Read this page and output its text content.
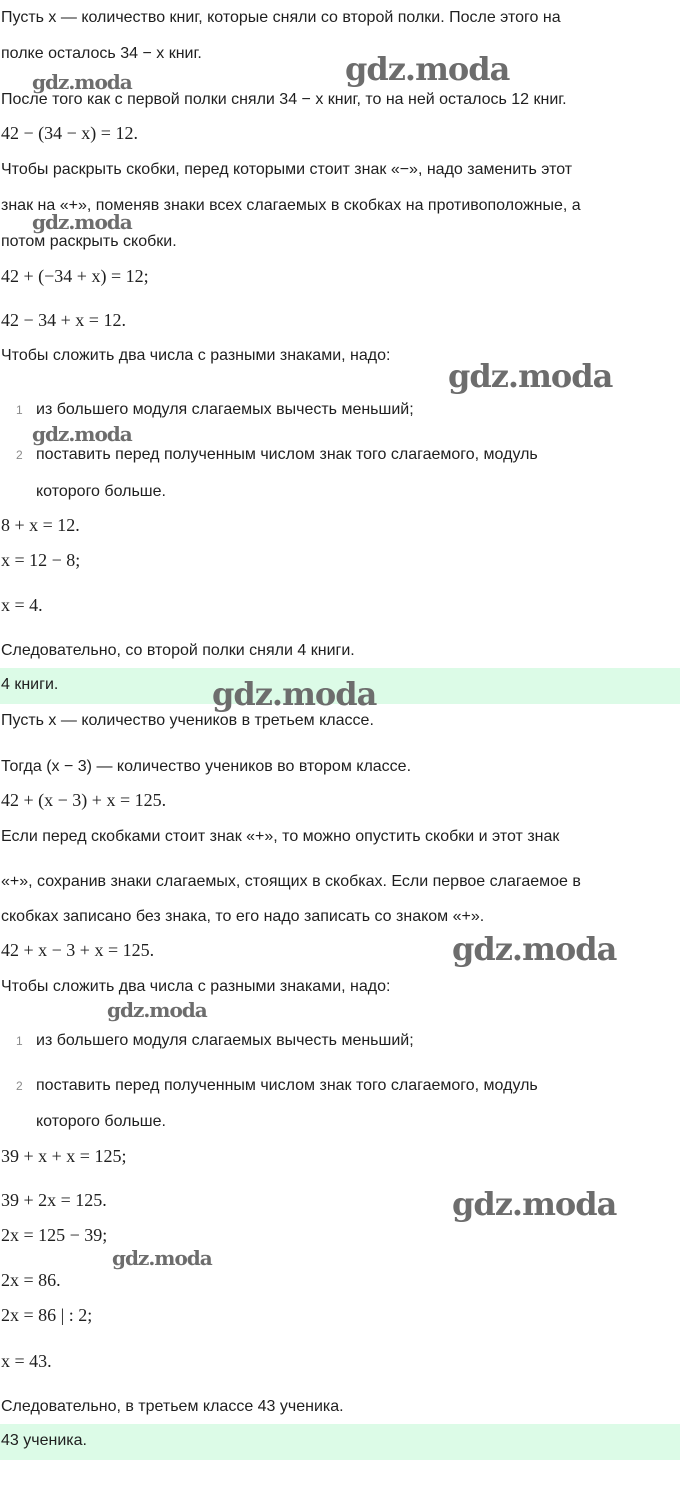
Пусть x — количество книг, которые сняли со второй полки. После этого на
полке осталось 34 − x книг.
После того как с первой полки сняли 34 − x книг, то на ней осталось 12 книг.
42 − (34 − x) = 12.
Чтобы раскрыть скобки, перед которыми стоит знак «−», надо заменить этот
знак на «+», поменяв знаки всех слагаемых в скобках на противоположные, а
потом раскрыть скобки.
42 + (−34 + x) = 12;
42 − 34 + x = 12.
Чтобы сложить два числа с разными знаками, надо:
1 из большего модуля слагаемых вычесть меньший;
2 поставить перед полученным числом знак того слагаемого, модуль
которого больше.
8 + x = 12.
x = 12 − 8;
x = 4.
Следовательно, со второй полки сняли 4 книги.
4 книги.
Пусть x — количество учеников в третьем классе.
Тогда (x − 3) — количество учеников во втором классе.
42 + (x − 3) + x = 125.
Если перед скобками стоит знак «+», то можно опустить скобки и этот знак
«+», сохранив знаки слагаемых, стоящих в скобках. Если первое слагаемое в
скобках записано без знака, то его надо записать со знаком «+».
42 + x − 3 + x = 125.
Чтобы сложить два числа с разными знаками, надо:
1 из большего модуля слагаемых вычесть меньший;
2 поставить перед полученным числом знак того слагаемого, модуль
которого больше.
39 + x + x = 125;
39 + 2x = 125.
2x = 125 − 39;
2x = 86.
2x = 86 | : 2;
x = 43.
Следовательно, в третьем классе 43 ученика.
43 ученика.
gdz.moda	gdz.moda
gdz.moda
gdz.moda
gdz.moda
gdz.moda
gdz.moda
gdz.moda
gdz.moda
gdz.moda
